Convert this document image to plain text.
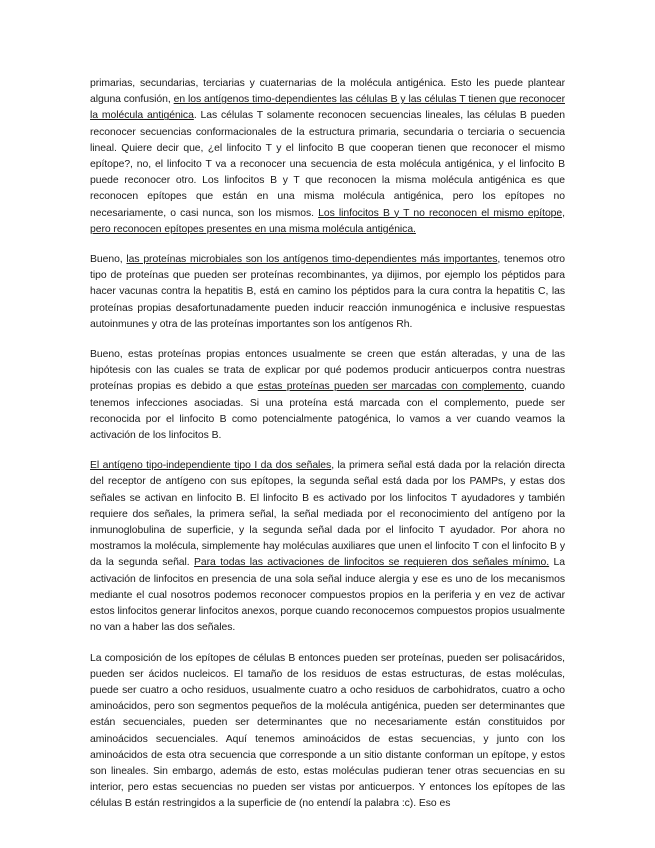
primarias, secundarias, terciarias y cuaternarias de la molécula antigénica. Esto les puede plantear alguna confusión, en los antígenos timo-dependientes las células B y las células T tienen que reconocer la molécula antigénica. Las células T solamente reconocen secuencias lineales, las células B pueden reconocer secuencias conformacionales de la estructura primaria, secundaria o terciaria o secuencia lineal. Quiere decir que, ¿el linfocito T y el linfocito B que cooperan tienen que reconocer el mismo epítope?, no, el linfocito T va a reconocer una secuencia de esta molécula antigénica, y el linfocito B puede reconocer otro. Los linfocitos B y T que reconocen la misma molécula antigénica es que reconocen epítopes que están en una misma molécula antigénica, pero los epítopes no necesariamente, o casi nunca, son los mismos. Los linfocitos B y T no reconocen el mismo epítope, pero reconocen epítopes presentes en una misma molécula antigénica.

Bueno, las proteínas microbiales son los antígenos timo-dependientes más importantes, tenemos otro tipo de proteínas que pueden ser proteínas recombinantes, ya dijimos, por ejemplo los péptidos para hacer vacunas contra la hepatitis B, está en camino los péptidos para la cura contra la hepatitis C, las proteínas propias desafortunadamente pueden inducir reacción inmunogénica e inclusive respuestas autoinmunes y otra de las proteínas importantes son los antígenos Rh.

Bueno, estas proteínas propias entonces usualmente se creen que están alteradas, y una de las hipótesis con las cuales se trata de explicar por qué podemos producir anticuerpos contra nuestras proteínas propias es debido a que estas proteínas pueden ser marcadas con complemento, cuando tenemos infecciones asociadas. Si una proteína está marcada con el complemento, puede ser reconocida por el linfocito B como potencialmente patogénica, lo vamos a ver cuando veamos la activación de los linfocitos B.

El antígeno tipo-independiente tipo I da dos señales, la primera señal está dada por la relación directa del receptor de antígeno con sus epítopes, la segunda señal está dada por los PAMPs, y estas dos señales se activan en linfocito B. El linfocito B es activado por los linfocitos T ayudadores y también requiere dos señales, la primera señal, la señal mediada por el reconocimiento del antígeno por la inmunoglobulina de superficie, y la segunda señal dada por el linfocito T ayudador. Por ahora no mostramos la molécula, simplemente hay moléculas auxiliares que unen el linfocito T con el linfocito B y da la segunda señal. Para todas las activaciones de linfocitos se requieren dos señales mínimo. La activación de linfocitos en presencia de una sola señal induce alergia y ese es uno de los mecanismos mediante el cual nosotros podemos reconocer compuestos propios en la periferia y en vez de activar estos linfocitos generar linfocitos anexos, porque cuando reconocemos compuestos propios usualmente no van a haber las dos señales.

La composición de los epítopes de células B entonces pueden ser proteínas, pueden ser polisacáridos, pueden ser ácidos nucleicos. El tamaño de los residuos de estas estructuras, de estas moléculas, puede ser cuatro a ocho residuos, usualmente cuatro a ocho residuos de carbohidratos, cuatro a ocho aminoácidos, pero son segmentos pequeños de la molécula antigénica, pueden ser determinantes que están secuenciales, pueden ser determinantes que no necesariamente están constituidos por aminoácidos secuenciales. Aquí tenemos aminoácidos de estas secuencias, y junto con los aminoácidos de esta otra secuencia que corresponde a un sitio distante conforman un epítope, y estos son lineales. Sin embargo, además de esto, estas moléculas pudieran tener otras secuencias en su interior, pero estas secuencias no pueden ser vistas por anticuerpos. Y entonces los epítopes de las células B están restringidos a la superficie de (no entendí la palabra :c). Eso es
